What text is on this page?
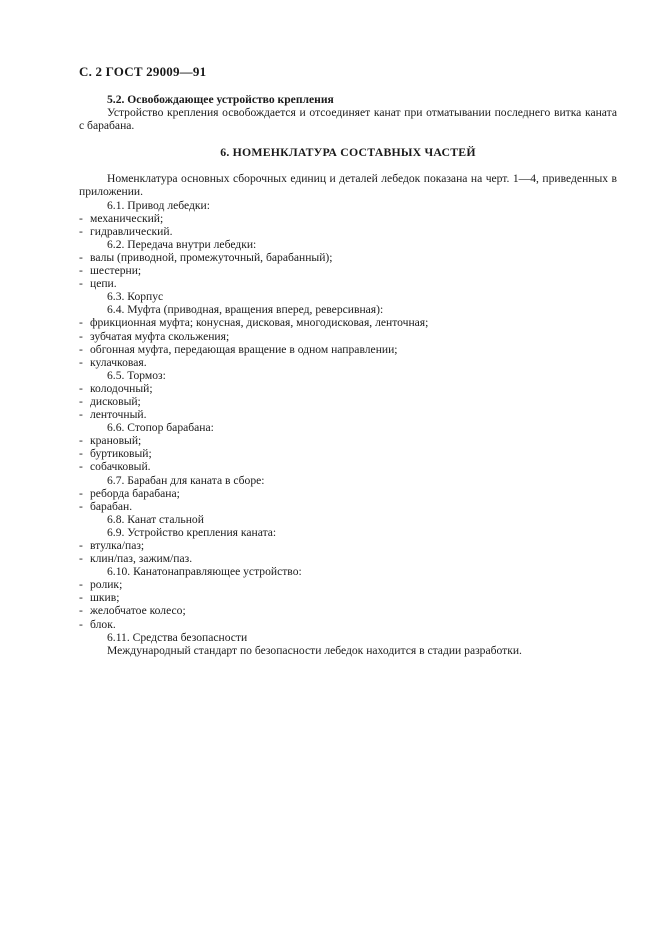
С. 2 ГОСТ 29009—91
5.2. Освобождающее устройство крепления
Устройство крепления освобождается и отсоединяет канат при отматывании последнего витка каната с барабана.
6. НОМЕНКЛАТУРА СОСТАВНЫХ ЧАСТЕЙ
Номенклатура основных сборочных единиц и деталей лебедок показана на черт. 1—4, приведенных в приложении.
6.1. Привод лебедки:
- механический;
- гидравлический.
6.2. Передача внутри лебедки:
- валы (приводной, промежуточный, барабанный);
- шестерни;
- цепи.
6.3. Корпус
6.4. Муфта (приводная, вращения вперед, реверсивная):
- фрикционная муфта; конусная, дисковая, многодисковая, ленточная;
- зубчатая муфта скольжения;
- обгонная муфта, передающая вращение в одном направлении;
- кулачковая.
6.5. Тормоз:
- колодочный;
- дисковый;
- ленточный.
6.6. Стопор барабана:
- крановый;
- буртиковый;
- собачковый.
6.7. Барабан для каната в сборе:
- реборда барабана;
- барабан.
6.8. Канат стальной
6.9. Устройство крепления каната:
- втулка/паз;
- клин/паз, зажим/паз.
6.10. Канатонаправляющее устройство:
- ролик;
- шкив;
- желобчатое колесо;
- блок.
6.11. Средства безопасности
Международный стандарт по безопасности лебедок находится в стадии разработки.
